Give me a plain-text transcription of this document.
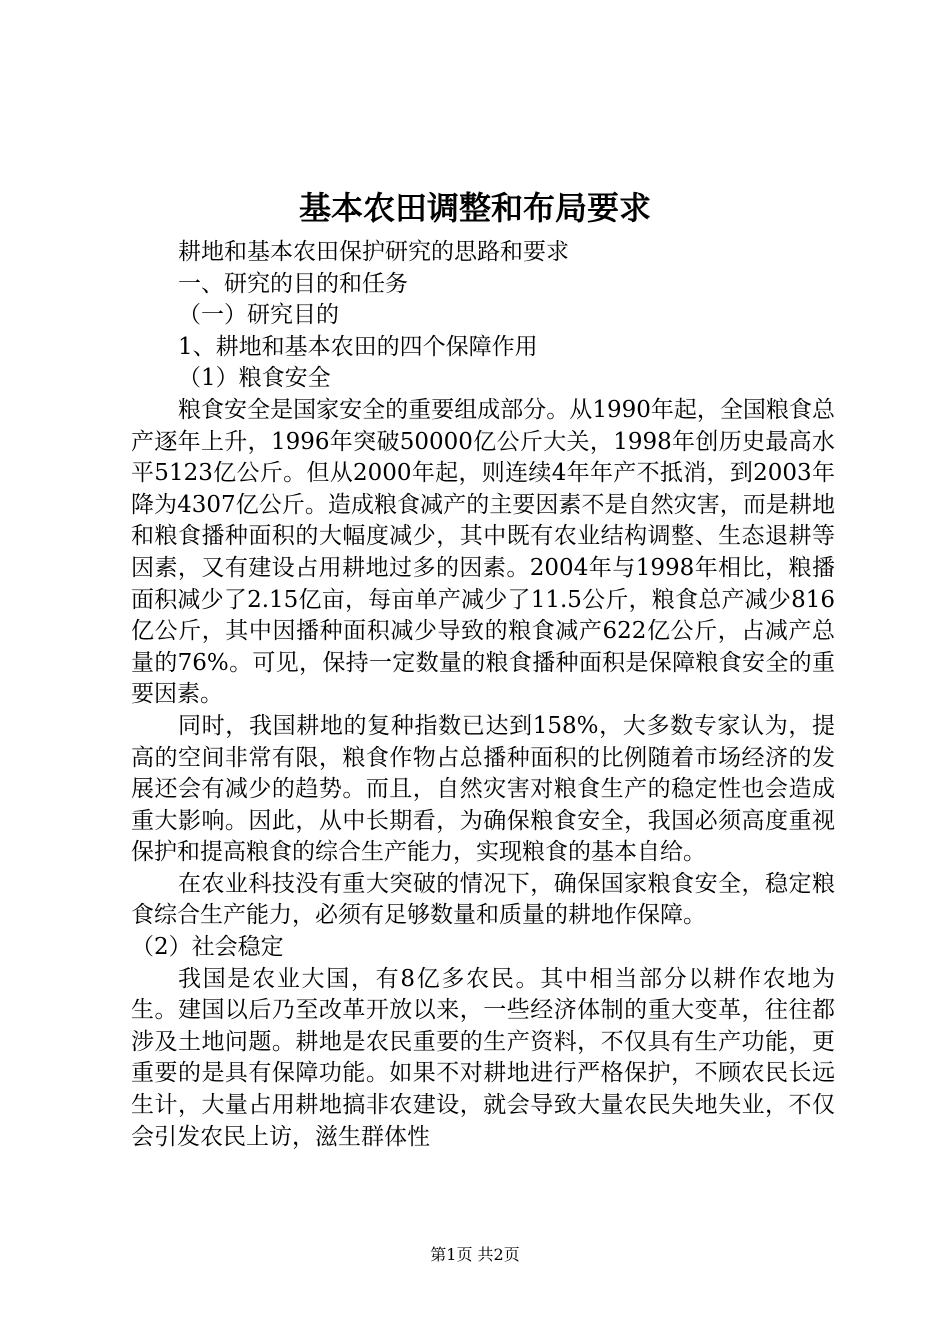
基本农田调整和布局要求

耕地和基本农田保护研究的思路和要求

一、研究的目的和任务

（一）研究目的

1、耕地和基本农田的四个保障作用

（1）粮食安全

粮食安全是国家安全的重要组成部分。从1990年起，全国粮食总产逐年上升，1996年突破50000亿公斤大关，1998年创历史最高水平5123亿公斤。但从2000年起，则连续4年年产不抵消，到2003年降为4307亿公斤。造成粮食减产的主要因素不是自然灾害，而是耕地和粮食播种面积的大幅度减少，其中既有农业结构调整、生态退耕等因素，又有建设占用耕地过多的因素。2004年与1998年相比，粮播面积减少了2.15亿亩，每亩单产减少了11.5公斤，粮食总产减少816亿公斤，其中因播种面积减少导致的粮食减产622亿公斤，占减产总量的76%。可见，保持一定数量的粮食播种面积是保障粮食安全的重要因素。

同时，我国耕地的复种指数已达到158%，大多数专家认为，提高的空间非常有限，粮食作物占总播种面积的比例随着市场经济的发展还会有减少的趋势。而且，自然灾害对粮食生产的稳定性也会造成重大影响。因此，从中长期看，为确保粮食安全，我国必须高度重视保护和提高粮食的综合生产能力，实现粮食的基本自给。

在农业科技没有重大突破的情况下，确保国家粮食安全，稳定粮食综合生产能力，必须有足够数量和质量的耕地作保障。

（2）社会稳定

我国是农业大国，有8亿多农民。其中相当部分以耕作农地为生。建国以后乃至改革开放以来，一些经济体制的重大变革，往往都涉及土地问题。耕地是农民重要的生产资料，不仅具有生产功能，更重要的是具有保障功能。如果不对耕地进行严格保护，不顾农民长远生计，大量占用耕地搞非农建设，就会导致大量农民失地失业，不仅会引发农民上访，滋生群体性

第1页 共2页
